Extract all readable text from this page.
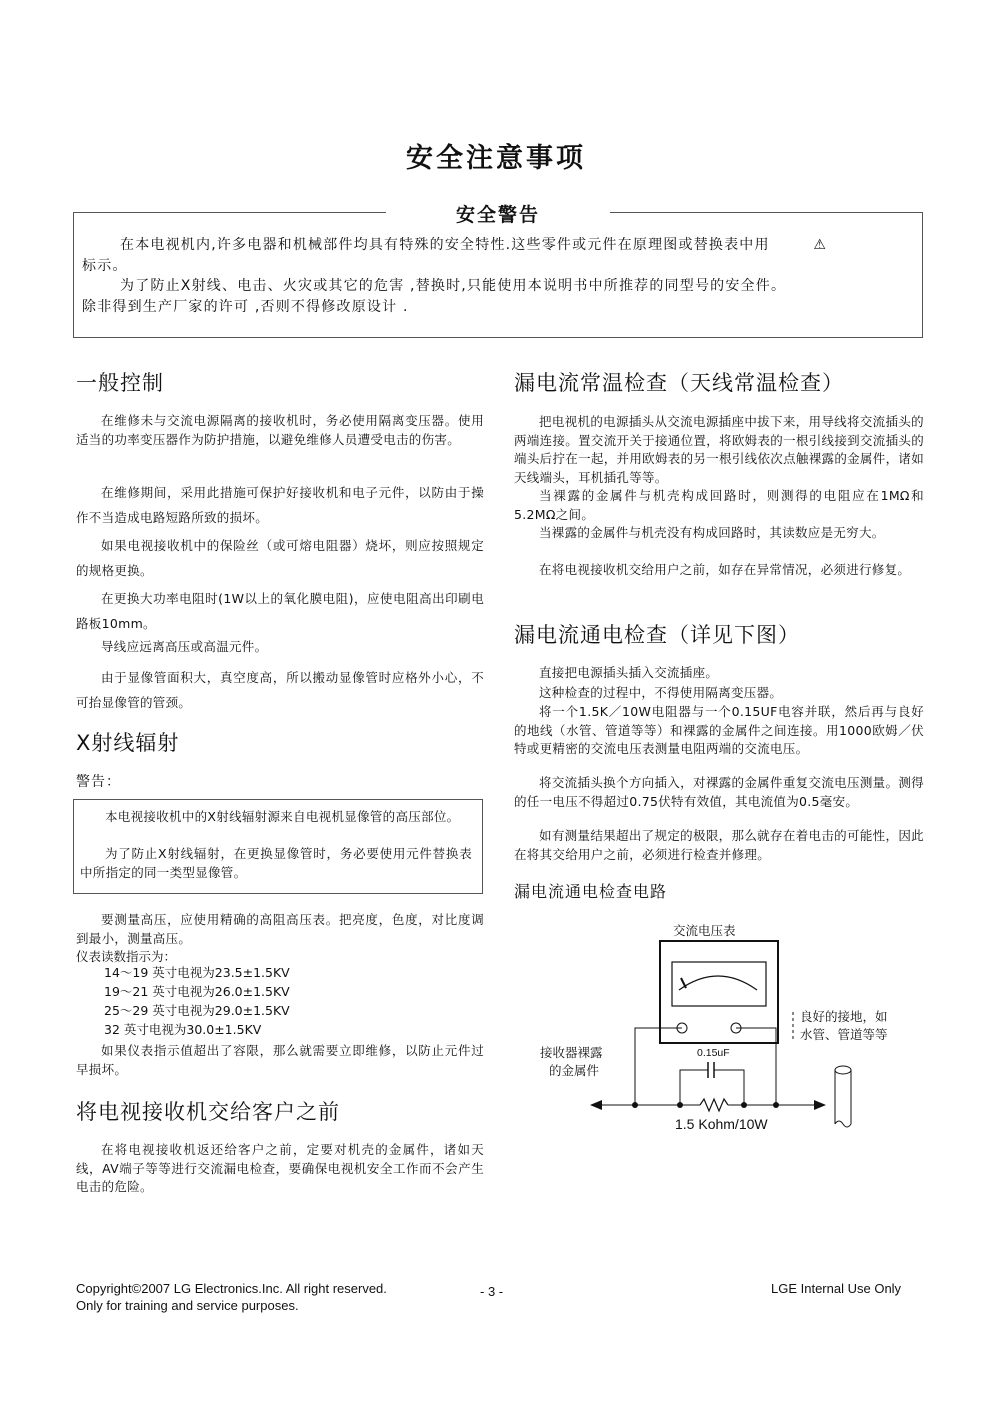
安全注意事项
安全警告
在本电视机内,许多电器和机械部件均具有特殊的安全特性.这些零件或元件在原理图或替换表中用	⚠
标示。
为了防止X射线、电击、火灾或其它的危害 ,替换时,只能使用本说明书中所推荐的同型号的安全件。
除非得到生产厂家的许可 ,否则不得修改原设计 .
一般控制
在维修未与交流电源隔离的接收机时，务必使用隔离变压器。使用适当的功率变压器作为防护措施，以避免维修人员遭受电击的伤害。
在维修期间，采用此措施可保护好接收机和电子元件，以防由于操作不当造成电路短路所致的损坏。
如果电视接收机中的保险丝（或可熔电阻器）烧坏，则应按照规定的规格更换。
在更换大功率电阻时(1W以上的氧化膜电阻)，应使电阻高出印刷电路板10mm。
导线应远离高压或高温元件。
由于显像管面积大，真空度高，所以搬动显像管时应格外小心，不可抬显像管的管颈。
X射线辐射
警告：
本电视接收机中的X射线辐射源来自电视机显像管的高压部位。
为了防止X射线辐射，在更换显像管时，务必要使用元件替换表中所指定的同一类型显像管。
要测量高压，应使用精确的高阻高压表。把亮度，色度，对比度调到最小，测量高压。
仪表读数指示为：
14～19 英寸电视为23.5±1.5KV
19～21 英寸电视为26.0±1.5KV
25～29 英寸电视为29.0±1.5KV
32 英寸电视为30.0±1.5KV
如果仪表指示值超出了容限，那么就需要立即维修，以防止元件过早损坏。
将电视接收机交给客户之前
在将电视接收机返还给客户之前，定要对机壳的金属件，诸如天线，AV端子等等进行交流漏电检查，要确保电视机安全工作而不会产生电击的危险。
漏电流常温检查（天线常温检查）
把电视机的电源插头从交流电源插座中拔下来，用导线将交流插头的两端连接。置交流开关于接通位置，将欧姆表的一根引线接到交流插头的端头后拧在一起，并用欧姆表的另一根引线依次点触裸露的金属件，诸如天线端头，耳机插孔等等。
当裸露的金属件与机壳构成回路时，则测得的电阻应在1MΩ和5.2MΩ之间。
当裸露的金属件与机壳没有构成回路时，其读数应是无穷大。
在将电视接收机交给用户之前，如存在异常情况，必须进行修复。
漏电流通电检查（详见下图）
直接把电源插头插入交流插座。
这种检查的过程中，不得使用隔离变压器。
将一个1.5K／10W电阻器与一个0.15UF电容并联，然后再与良好的地线（水管、管道等等）和裸露的金属件之间连接。用1000欧姆／伏特或更精密的交流电压表测量电阻两端的交流电压。
将交流插头换个方向插入，对裸露的金属件重复交流电压测量。测得的任一电压不得超过0.75伏特有效值，其电流值为0.5毫安。
如有测量结果超出了规定的极限，那么就存在着电击的可能性，因此在将其交给用户之前，必须进行检查并修理。
漏电流通电检查电路
交流电压表
良好的接地，如
水管、管道等等
接收器裸露
的金属件
0.15uF
1.5 Kohm/10W
Copyright©2007 LG Electronics.Inc. All right reserved.
Only for training and service purposes.
- 3 -	LGE Internal Use Only
